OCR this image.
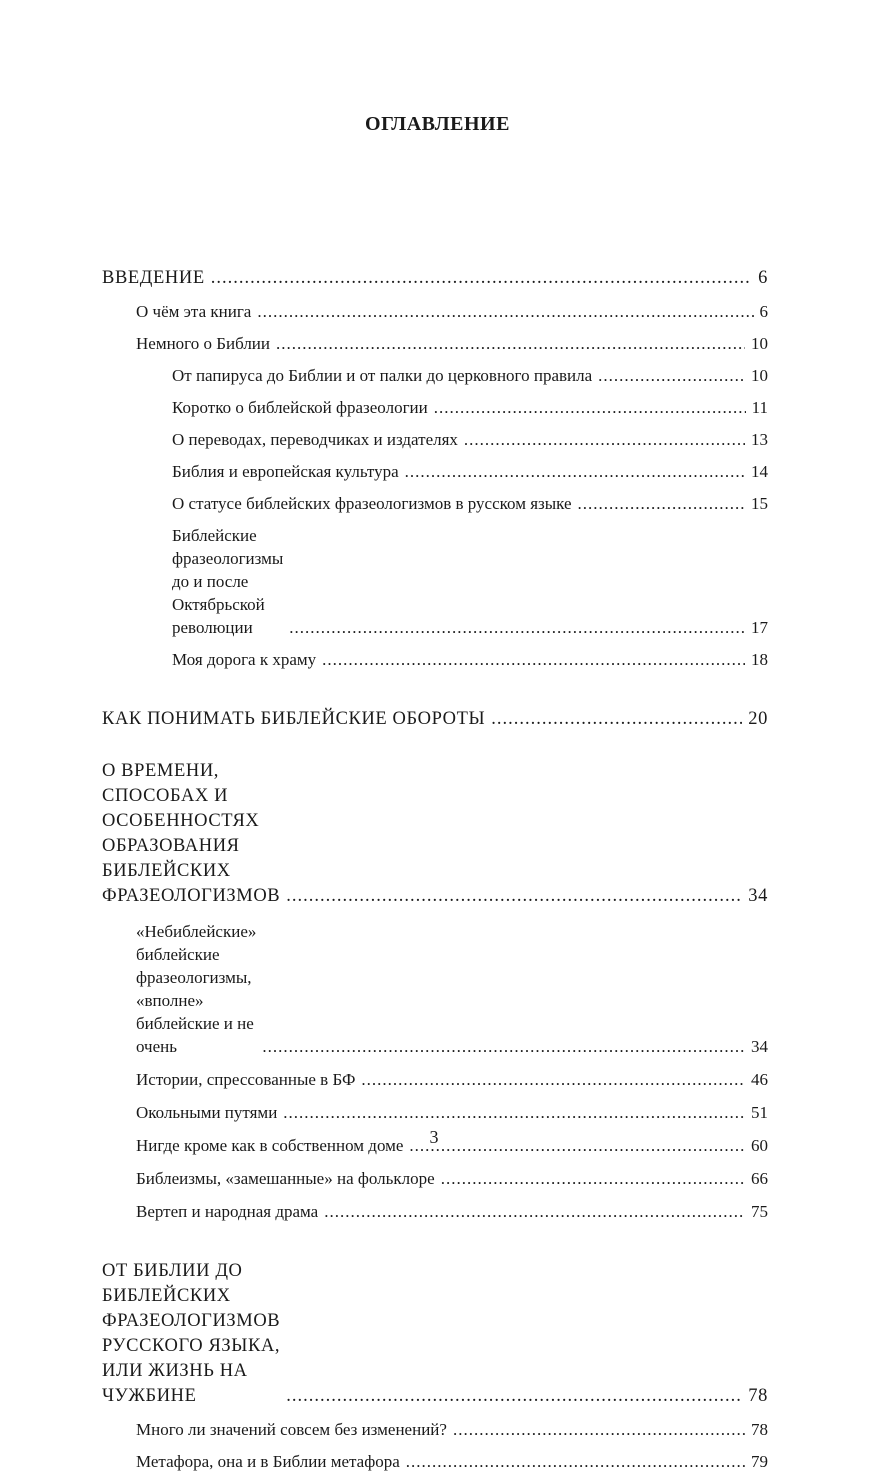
ОГЛАВЛЕНИЕ
ВВЕДЕНИЕ .....	6
О чём эта книга .....	6
Немного о Библии .....	10
От папируса до Библии и от палки до церковного правила .....	10
Коротко о библейской фразеологии .....	11
О переводах, переводчиках и издателях .....	13
Библия и европейская культура .....	14
О статусе библейских фразеологизмов в русском языке .....	15
Библейские фразеологизмы до и после
Октябрьской революции .....	17
Моя дорога к храму .....	18
КАК ПОНИМАТЬ БИБЛЕЙСКИЕ ОБОРОТЫ .....	20
О ВРЕМЕНИ, СПОСОБАХ И ОСОБЕННОСТЯХ
ОБРАЗОВАНИЯ БИБЛЕЙСКИХ ФРАЗЕОЛОГИЗМОВ .....	34
«Небиблейские» библейские фразеологизмы,
«вполне» библейские и не очень .....	34
Истории, спрессованные в БФ .....	46
Окольными путями .....	51
Нигде кроме как в собственном доме .....	60
Библеизмы, «замешанные» на фольклоре .....	66
Вертеп и народная драма .....	75
ОТ БИБЛИИ ДО БИБЛЕЙСКИХ ФРАЗЕОЛОГИЗМОВ
РУССКОГО ЯЗЫКА, ИЛИ ЖИЗНЬ НА ЧУЖБИНЕ .....	78
Много ли значений совсем без изменений? .....	78
Метафора, она и в Библии метафора .....	79
3
